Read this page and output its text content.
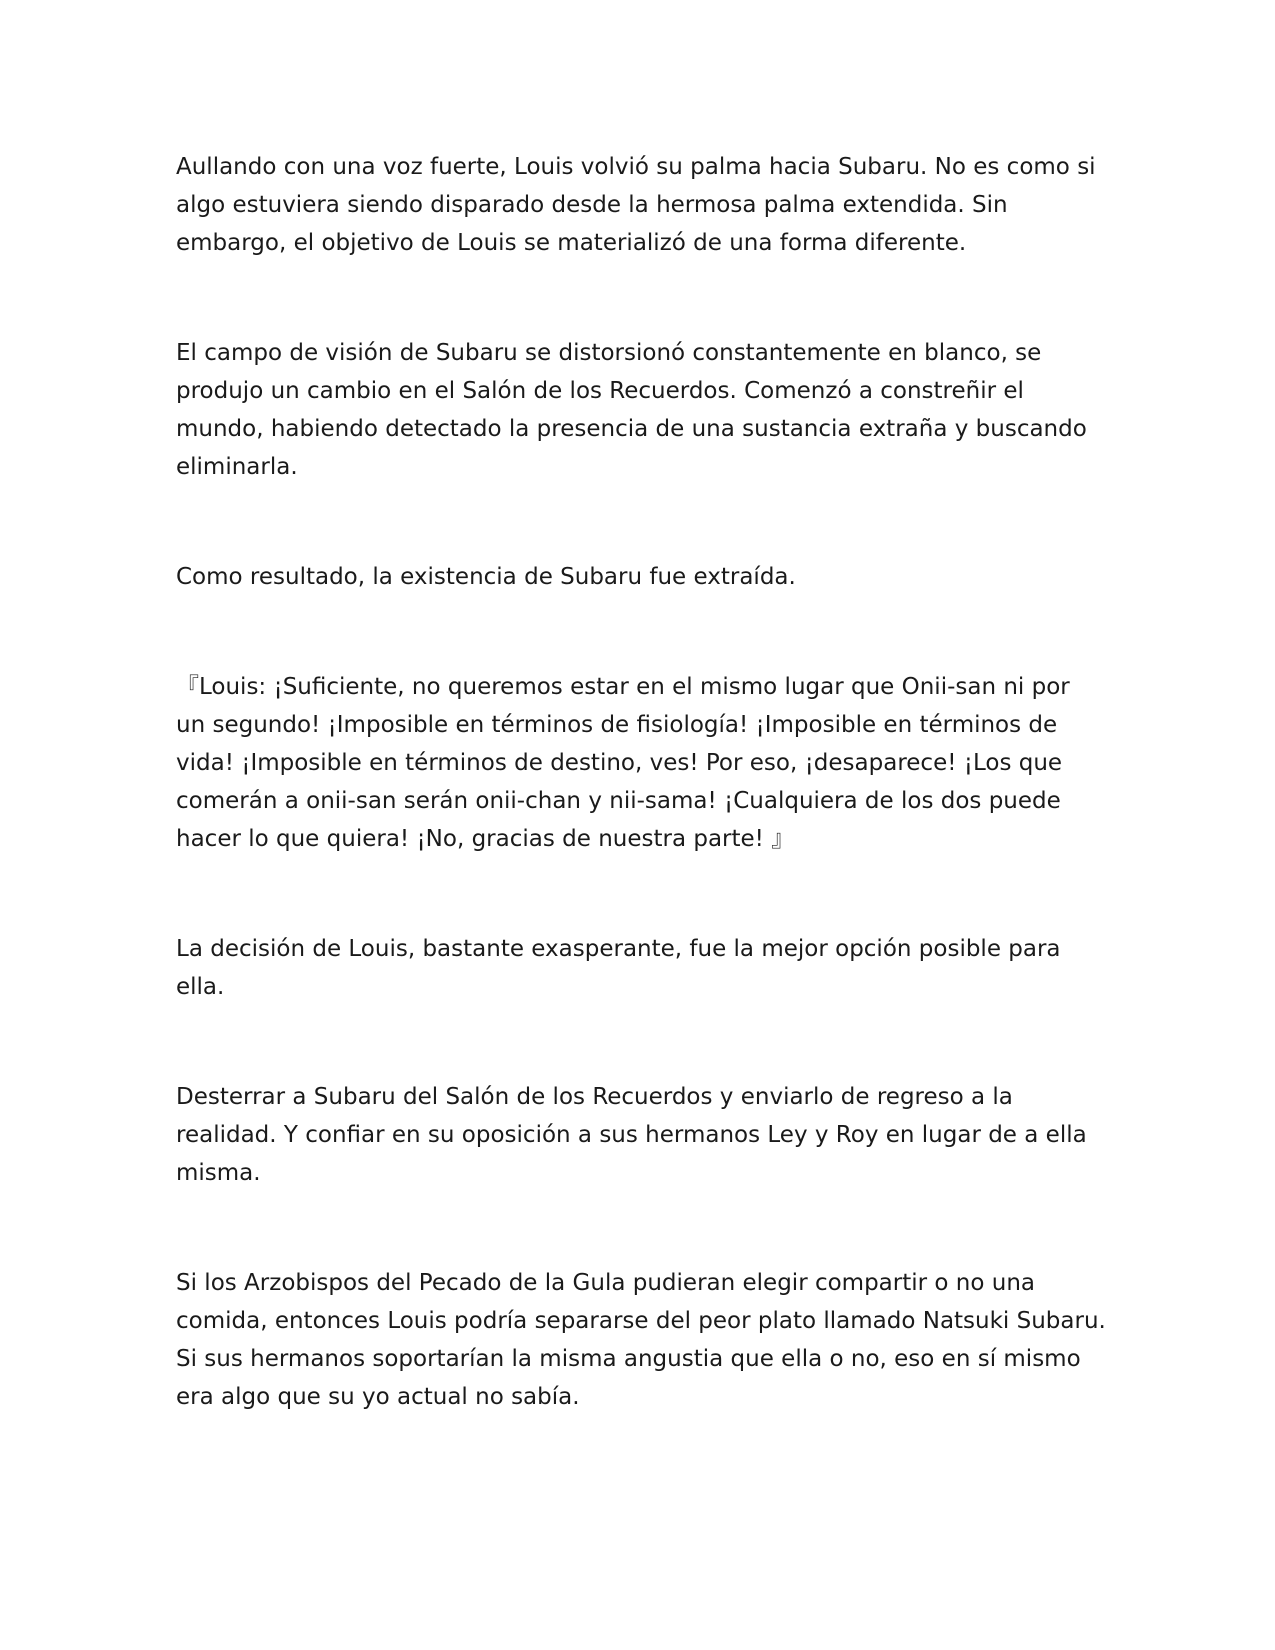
Aullando con una voz fuerte, Louis volvió su palma hacia Subaru. No es como si algo estuviera siendo disparado desde la hermosa palma extendida. Sin embargo, el objetivo de Louis se materializó de una forma diferente.

El campo de visión de Subaru se distorsionó constantemente en blanco, se produjo un cambio en el Salón de los Recuerdos. Comenzó a constreñir el mundo, habiendo detectado la presencia de una sustancia extraña y buscando eliminarla.

Como resultado, la existencia de Subaru fue extraída.

『Louis: ¡Suficiente, no queremos estar en el mismo lugar que Onii-san ni por un segundo! ¡Imposible en términos de fisiología! ¡Imposible en términos de vida! ¡Imposible en términos de destino, ves! Por eso, ¡desaparece! ¡Los que comerán a onii-san serán onii-chan y nii-sama! ¡Cualquiera de los dos puede hacer lo que quiera! ¡No, gracias de nuestra parte! 』

La decisión de Louis, bastante exasperante, fue la mejor opción posible para ella.

Desterrar a Subaru del Salón de los Recuerdos y enviarlo de regreso a la realidad. Y confiar en su oposición a sus hermanos Ley y Roy en lugar de a ella misma.

Si los Arzobispos del Pecado de la Gula pudieran elegir compartir o no una comida, entonces Louis podría separarse del peor plato llamado Natsuki Subaru. Si sus hermanos soportarían la misma angustia que ella o no, eso en sí mismo era algo que su yo actual no sabía.
